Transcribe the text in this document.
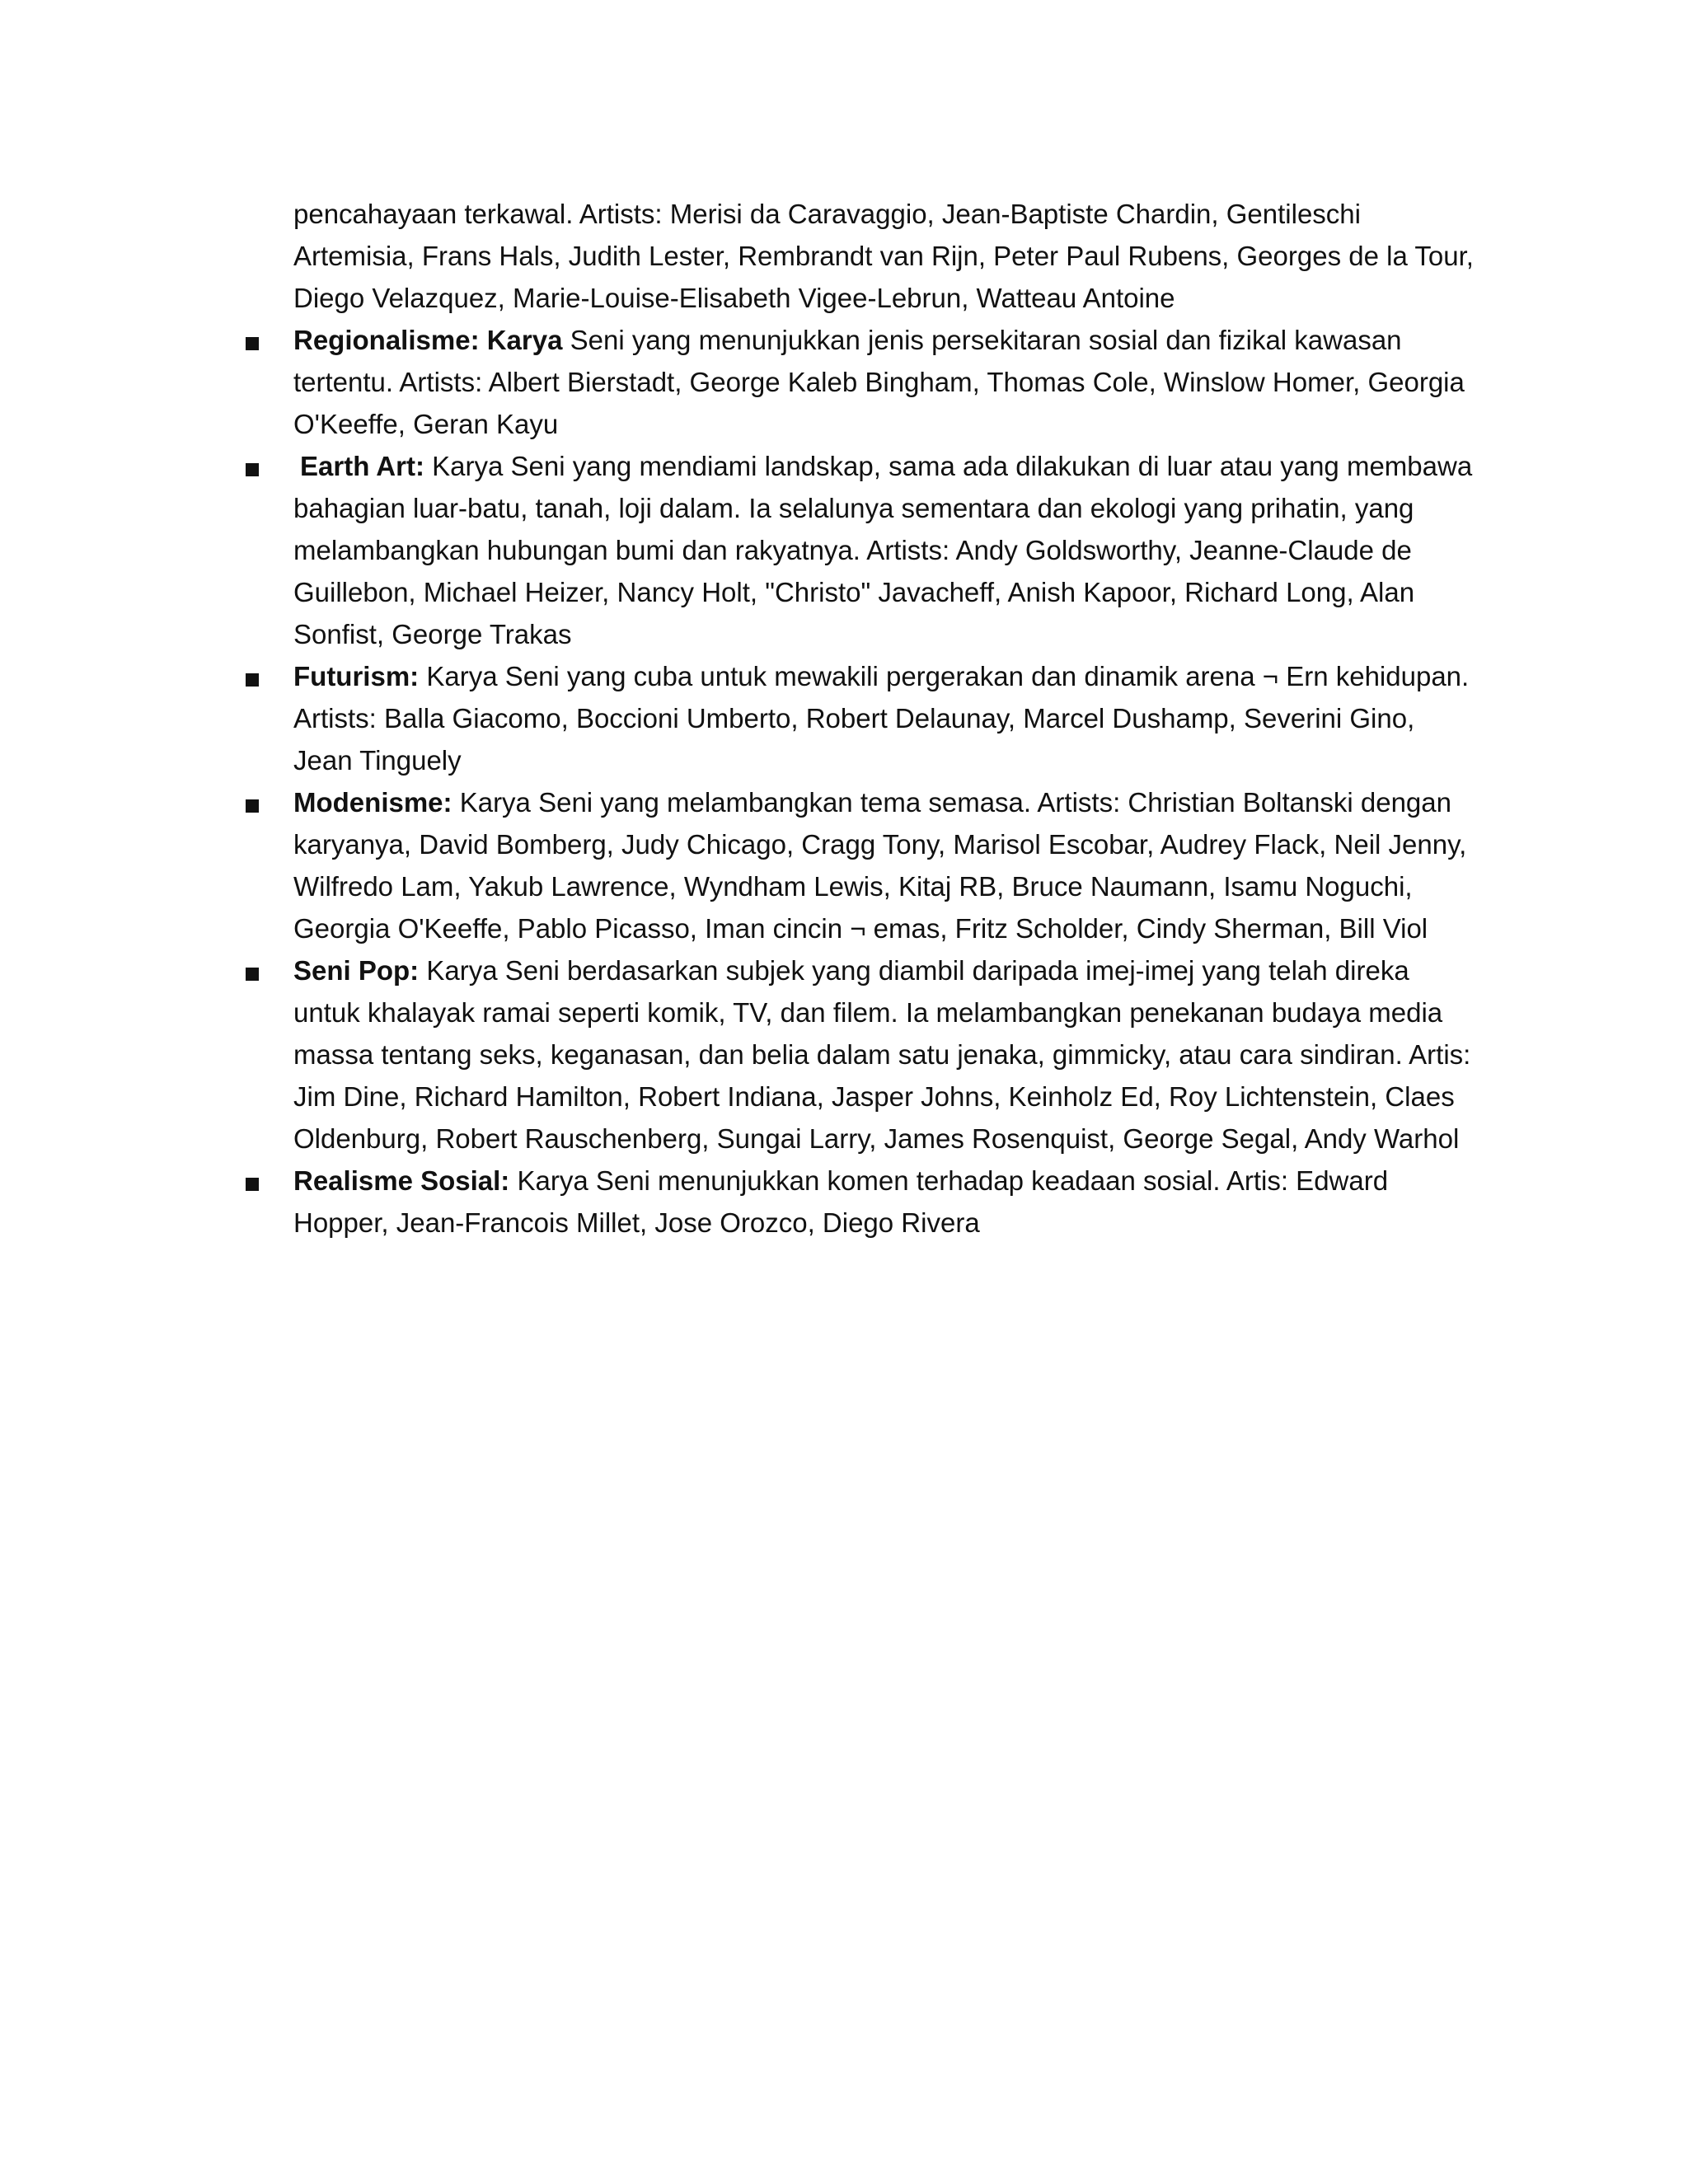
pencahayaan terkawal. Artists: Merisi da Caravaggio, Jean-Baptiste Chardin, Gentileschi Artemisia, Frans Hals, Judith Lester, Rembrandt van Rijn, Peter Paul Rubens, Georges de la Tour, Diego Velazquez, Marie-Louise-Elisabeth Vigee-Lebrun, Watteau Antoine

Regionalisme: Karya Seni yang menunjukkan jenis persekitaran sosial dan fizikal kawasan tertentu. Artists: Albert Bierstadt, George Kaleb Bingham, Thomas Cole, Winslow Homer, Georgia O'Keeffe, Geran Kayu
Earth Art: Karya Seni yang mendiami landskap, sama ada dilakukan di luar atau yang membawa bahagian luar-batu, tanah, loji dalam. Ia selalunya sementara dan ekologi yang prihatin, yang melambangkan hubungan bumi dan rakyatnya. Artists: Andy Goldsworthy, Jeanne-Claude de Guillebon, Michael Heizer, Nancy Holt, "Christo" Javacheff, Anish Kapoor, Richard Long, Alan Sonfist, George Trakas
Futurism: Karya Seni yang cuba untuk mewakili pergerakan dan dinamik arena ¬ Ern kehidupan. Artists: Balla Giacomo, Boccioni Umberto, Robert Delaunay, Marcel Dushamp, Severini Gino, Jean Tinguely
Modenisme: Karya Seni yang melambangkan tema semasa. Artists: Christian Boltanski dengan karyanya, David Bomberg, Judy Chicago, Cragg Tony, Marisol Escobar, Audrey Flack, Neil Jenny, Wilfredo Lam, Yakub Lawrence, Wyndham Lewis, Kitaj RB, Bruce Naumann, Isamu Noguchi, Georgia O'Keeffe, Pablo Picasso, Iman cincin ¬ emas, Fritz Scholder, Cindy Sherman, Bill Viol
Seni Pop: Karya Seni berdasarkan subjek yang diambil daripada imej-imej yang telah direka untuk khalayak ramai seperti komik, TV, dan filem. Ia melambangkan penekanan budaya media massa tentang seks, keganasan, dan belia dalam satu jenaka, gimmicky, atau cara sindiran. Artis: Jim Dine, Richard Hamilton, Robert Indiana, Jasper Johns, Keinholz Ed, Roy Lichtenstein, Claes Oldenburg, Robert Rauschenberg, Sungai Larry, James Rosenquist, George Segal, Andy Warhol
Realisme Sosial: Karya Seni menunjukkan komen terhadap keadaan sosial. Artis: Edward Hopper, Jean-Francois Millet, Jose Orozco, Diego Rivera
